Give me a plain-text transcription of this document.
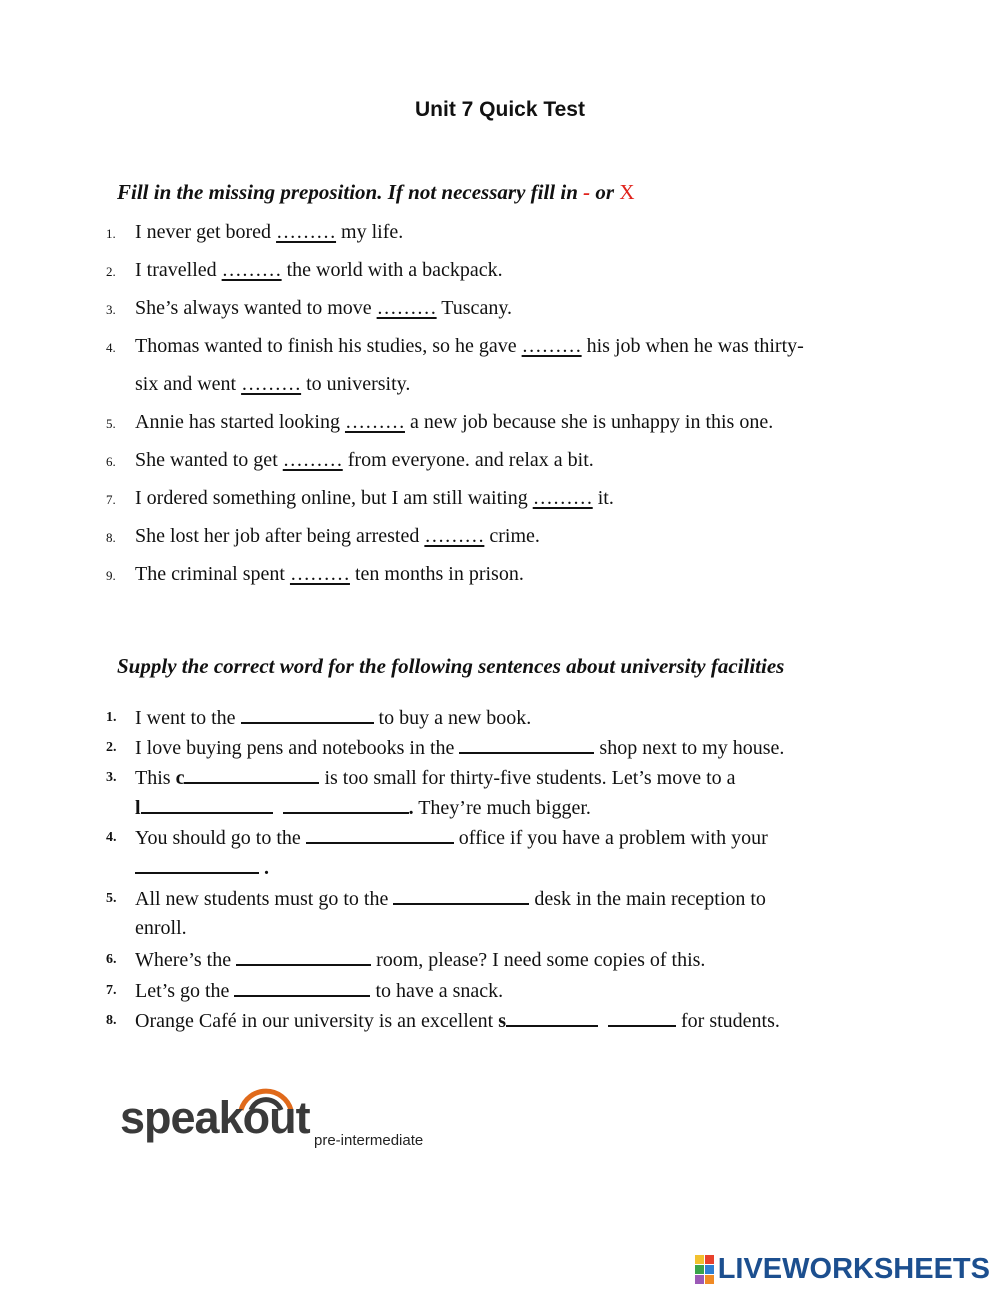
Unit 7 Quick Test
Fill in the missing preposition. If not necessary fill in - or X
1. I never get bored ……… my life.
2. I travelled ……… the world with a backpack.
3. She’s always wanted to move ……… Tuscany.
4. Thomas wanted to finish his studies, so he gave ……… his job when he was thirty-
six and went ……… to university.
5. Annie has started looking ……… a new job because she is unhappy in this one.
6. She wanted to get ……… from everyone. and relax a bit.
7. I ordered something online, but I am still waiting ……… it.
8. She lost her job after being arrested ……… crime.
9. The criminal spent ……… ten months in prison.
Supply the correct word for the following sentences about university facilities
1. I went to the	to buy a new book.
2. I love buying pens and notebooks in the	shop next to my house.
3. This c	is too small for thirty-five students. Let’s move to a
l	. They’re much bigger.
4. You should go to the	office if you have a problem with your
.
5. All new students must go to the	desk in the main reception to
enroll.
6. Where’s the	room, please? I need some copies of this.
7. Let’s go the	to have a snack.
8. Orange Café in our university is an excellent s	for students.
speakout pre-intermediate
LIVEWORKSHEETS
